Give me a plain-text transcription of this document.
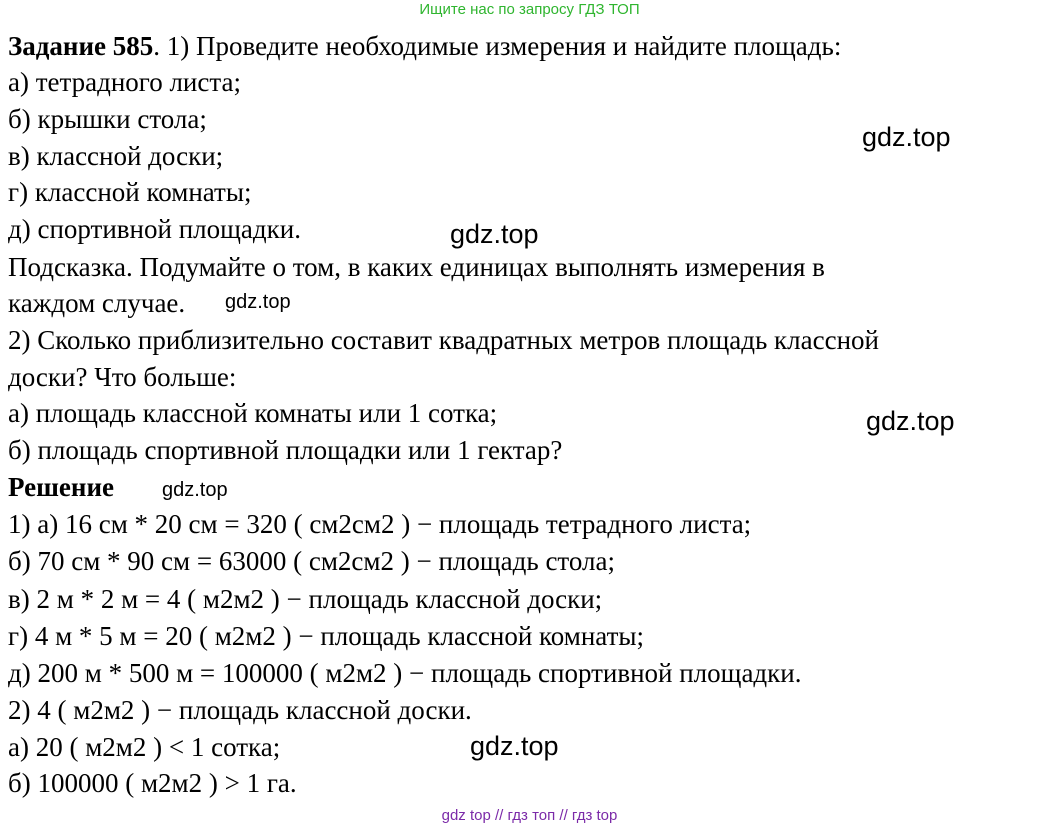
Ищите нас по запросу ГДЗ ТОП
Задание 585. 1) Проведите необходимые измерения и найдите площадь:
а) тетрадного листа;
б) крышки стола;
в) классной доски;
г) классной комнаты;
д) спортивной площадки.
Подсказка. Подумайте о том, в каких единицах выполнять измерения в
каждом случае.
2) Сколько приблизительно составит квадратных метров площадь классной
доски? Что больше:
а) площадь классной комнаты или 1 сотка;
б) площадь спортивной площадки или 1 гектар?
Решение
1) а) 16 см * 20 см = 320 ( см2см2 ) − площадь тетрадного листа;
б) 70 см * 90 см = 63000 ( см2см2 ) − площадь стола;
в) 2 м * 2 м = 4 ( м2м2 ) − площадь классной доски;
г) 4 м * 5 м = 20 ( м2м2 ) − площадь классной комнаты;
д) 200 м * 500 м = 100000 ( м2м2 ) − площадь спортивной площадки.
2) 4 ( м2м2 ) − площадь классной доски.
а) 20 ( м2м2 ) < 1 сотка;
б) 100000 ( м2м2 ) > 1 га.
gdz.top
gdz.top
gdz.top
gdz.top
gdz.top
gdz.top
gdz top // гдз топ // гдз top
